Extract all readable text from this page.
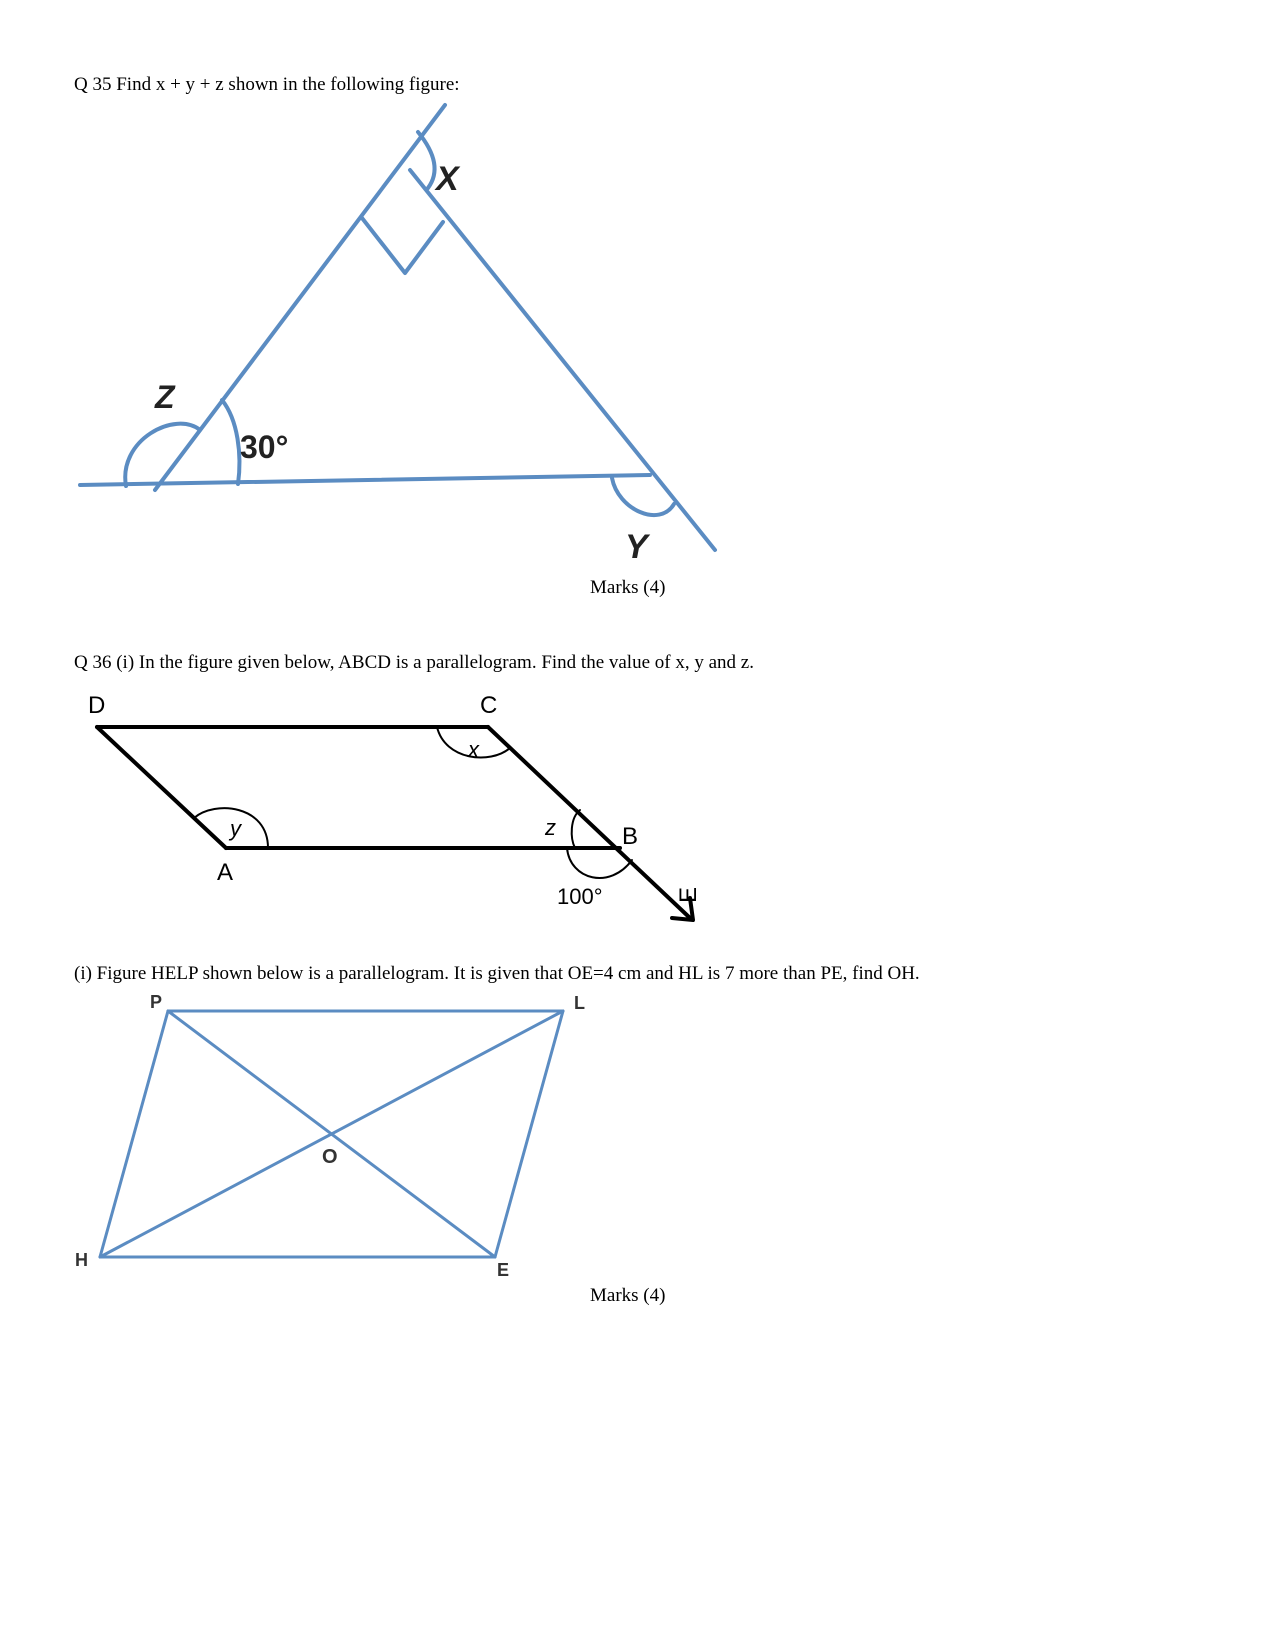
Q 35 Find x + y + z shown in the following figure:
X
Z
30°
Y
Marks (4)
Q 36 (i) In the figure given below, ABCD is a parallelogram. Find the value of x, y and z.
D	C
B
A
E
x
y	z
100°
(i) Figure HELP shown below is a parallelogram. It is given that OE=4 cm and HL is 7 more than PE, find OH.
P	L
O
H	E
Marks (4)
